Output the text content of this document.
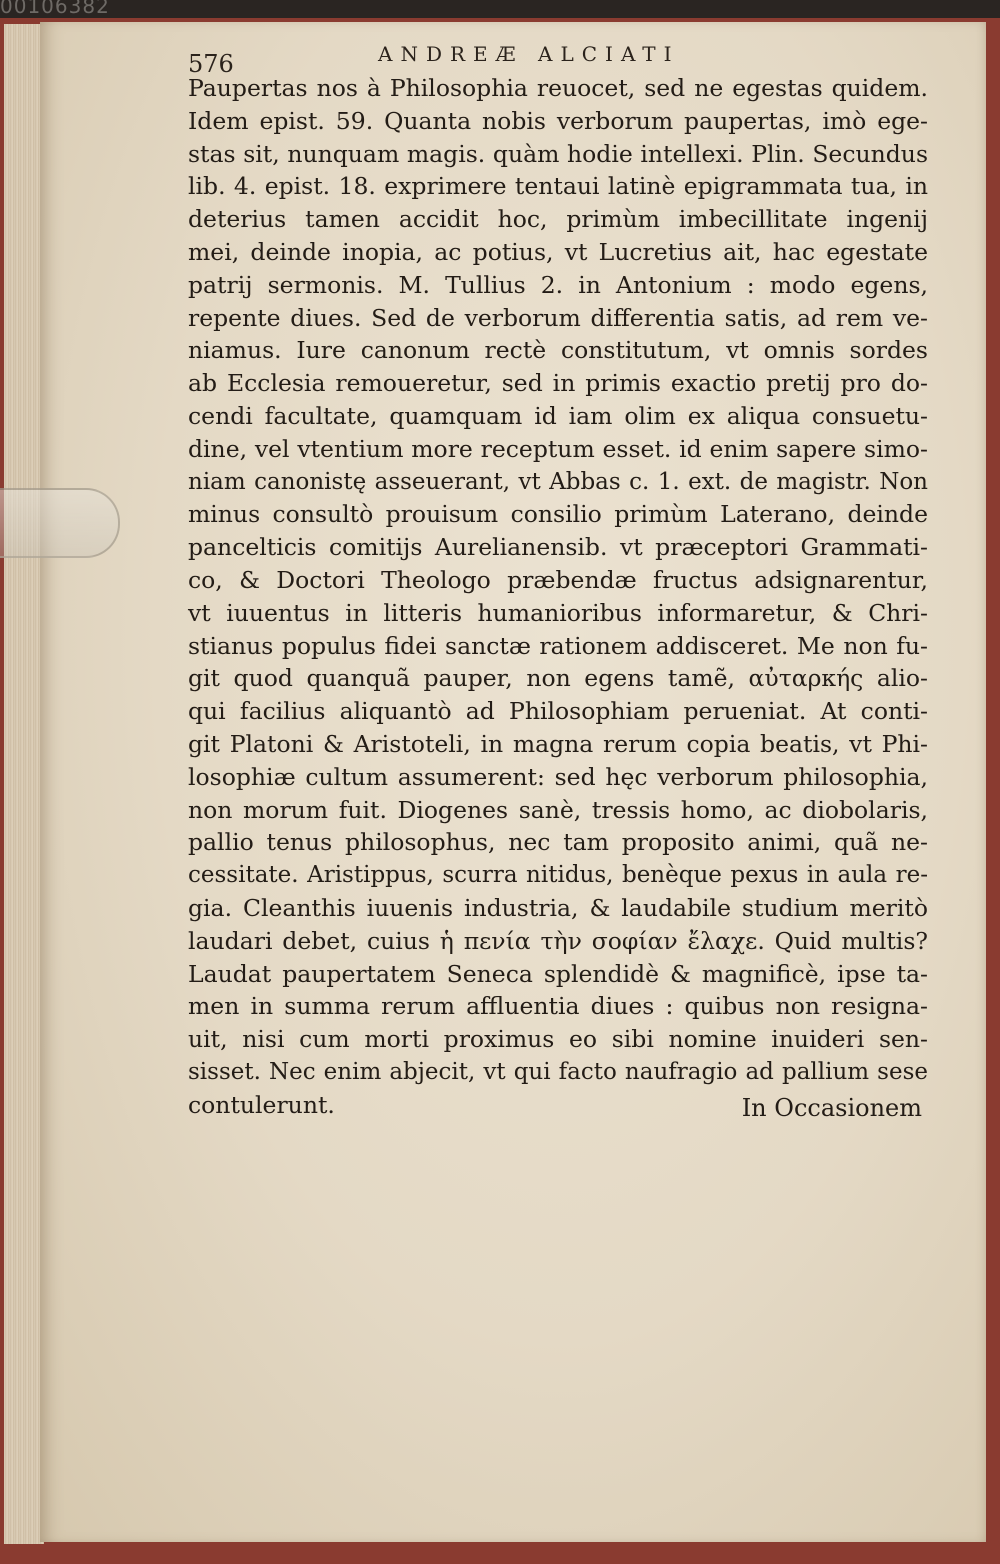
00106382
576	ANDREÆ ALCIATI
Paupertas nos à Philosophia reuocet, sed ne egestas quidem.
Idem epist. 59. Quanta nobis verborum paupertas, imò ege-
stas sit, nunquam magis. quàm hodie intellexi. Plin. Secundus
lib. 4. epist. 18. exprimere tentaui latinè epigrammata tua, in
deterius tamen accidit hoc, primùm imbecillitate ingenij
mei, deinde inopia, ac potius, vt Lucretius ait, hac egestate
patrij sermonis. M. Tullius 2. in Antonium : modo egens,
repente diues. Sed de verborum differentia satis, ad rem ve-
niamus. Iure canonum rectè constitutum, vt omnis sordes
ab Ecclesia remoueretur, sed in primis exactio pretij pro do-
cendi facultate, quamquam id iam olim ex aliqua consuetu-
dine, vel vtentium more receptum esset. id enim sapere simo-
niam canonistę asseuerant, vt Abbas c. 1. ext. de magistr. Non
minus consultò prouisum consilio primùm Laterano, deinde
pancelticis comitijs Aurelianensib. vt præceptori Grammati-
co, & Doctori Theologo præbendæ fructus adsignarentur,
vt iuuentus in litteris humanioribus informaretur, & Chri-
stianus populus fidei sanctæ rationem addisceret. Me non fu-
git quod quanquã pauper, non egens tamẽ, αὐταρκής alio-
qui facilius aliquantò ad Philosophiam perueniat. At conti-
git Platoni & Aristoteli, in magna rerum copia beatis, vt Phi-
losophiæ cultum assumerent: sed hęc verborum philosophia,
non morum fuit. Diogenes sanè, tressis homo, ac diobolaris,
pallio tenus philosophus, nec tam proposito animi, quã ne-
cessitate. Aristippus, scurra nitidus, benèque pexus in aula re-
gia. Cleanthis iuuenis industria, & laudabile studium meritò
laudari debet, cuius ἡ πενία τὴν σοφίαν ἔλαχε. Quid multis?
Laudat paupertatem Seneca splendidè & magnificè, ipse ta-
men in summa rerum affluentia diues : quibus non resigna-
uit, nisi cum morti proximus eo sibi nomine inuideri sen-
sisset. Nec enim abjecit, vt qui facto naufragio ad pallium sese
contulerunt.	In Occasionem
